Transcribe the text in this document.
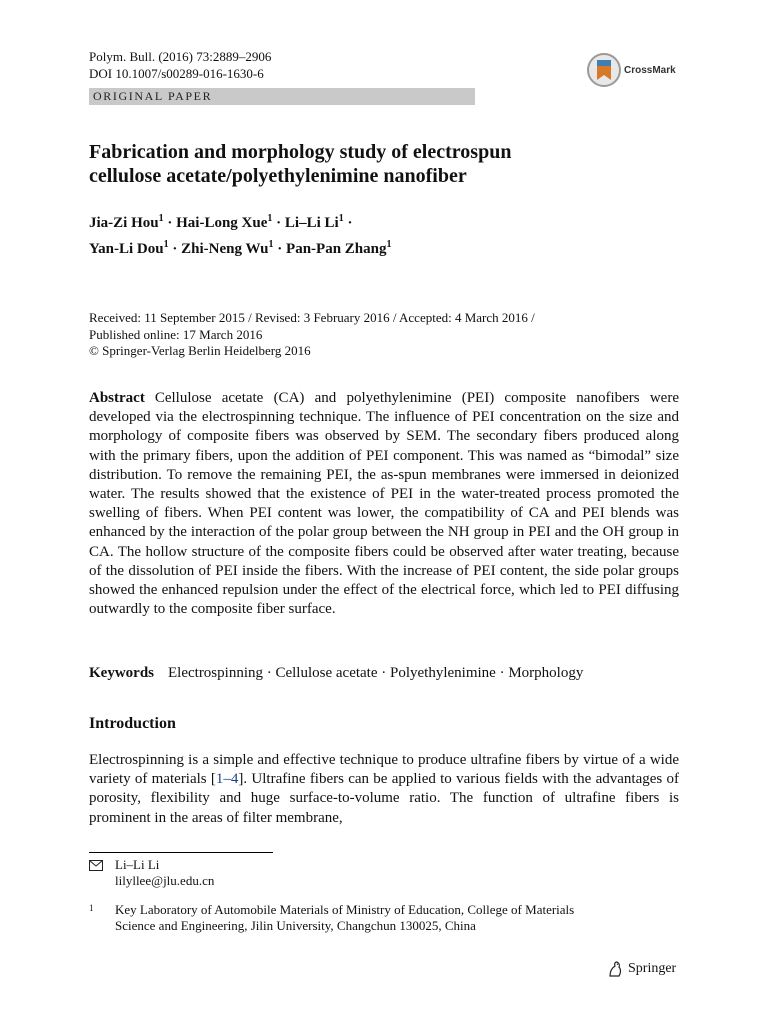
Polym. Bull. (2016) 73:2889–2906
DOI 10.1007/s00289-016-1630-6	CrossMark
ORIGINAL PAPER
Fabrication and morphology study of electrospun
cellulose acetate/polyethylenimine nanofiber
Jia-Zi Hou$^1$ · Hai-Long Xue$^1$ · Li–Li $Li^1$ ·
Yan-Li Dou$^1$ · Zhi-Neng $Wu^1 \cdot Pan-Pan$ Zhang$^1$
Received: 11 September 2015 / Revised: 3 February 2016 / Accepted: 4 March 2016 /
Published online: 17 March 2016
© Springer-Verlag Berlin Heidelberg 2016

Abstract Cellulose acetate (CA) and polyethylenimine (PEI) composite nanofibers were developed via the electrospinning technique. The influence of PEI concentration on the size and morphology of composite fibers was observed by SEM. The secondary fibers produced along with the primary fibers, upon the addition of PEI component. This was named as “bimodal” size distribution. To remove the remaining PEI, the as-spun membranes were immersed in deionized water. The results showed that the existence of PEI in the water-treated process promoted the swelling of fibers. When PEI content was lower, the compatibility of CA and PEI blends was enhanced by the interaction of the polar group between the NH group in PEI and the OH group in CA. The hollow structure of the composite fibers could be observed after water treating, because of the dissolution of PEI inside the fibers. With the increase of PEI content, the side polar groups showed the enhanced repulsion under the effect of the electrical force, which led to PEI diffusing outwardly to the composite fiber surface.

Keywords Electrospinning · Cellulose acetate · Polyethylenimine · Morphology
Introduction

Electrospinning is a simple and effective technique to produce ultrafine fibers by virtue of a wide variety of materials [1–4]. Ultrafine fibers can be applied to various fields with the advantages of porosity, flexibility and huge surface-to-volume ratio. The function of ultrafine fibers is prominent in the areas of filter membrane,

Li–Li Li
lilyllee@jlu.edu.cn
1	Key Laboratory of Automobile Materials of Ministry of Education, College of Materials
Science and Engineering, Jilin University, Changchun 130025, China
Springer
